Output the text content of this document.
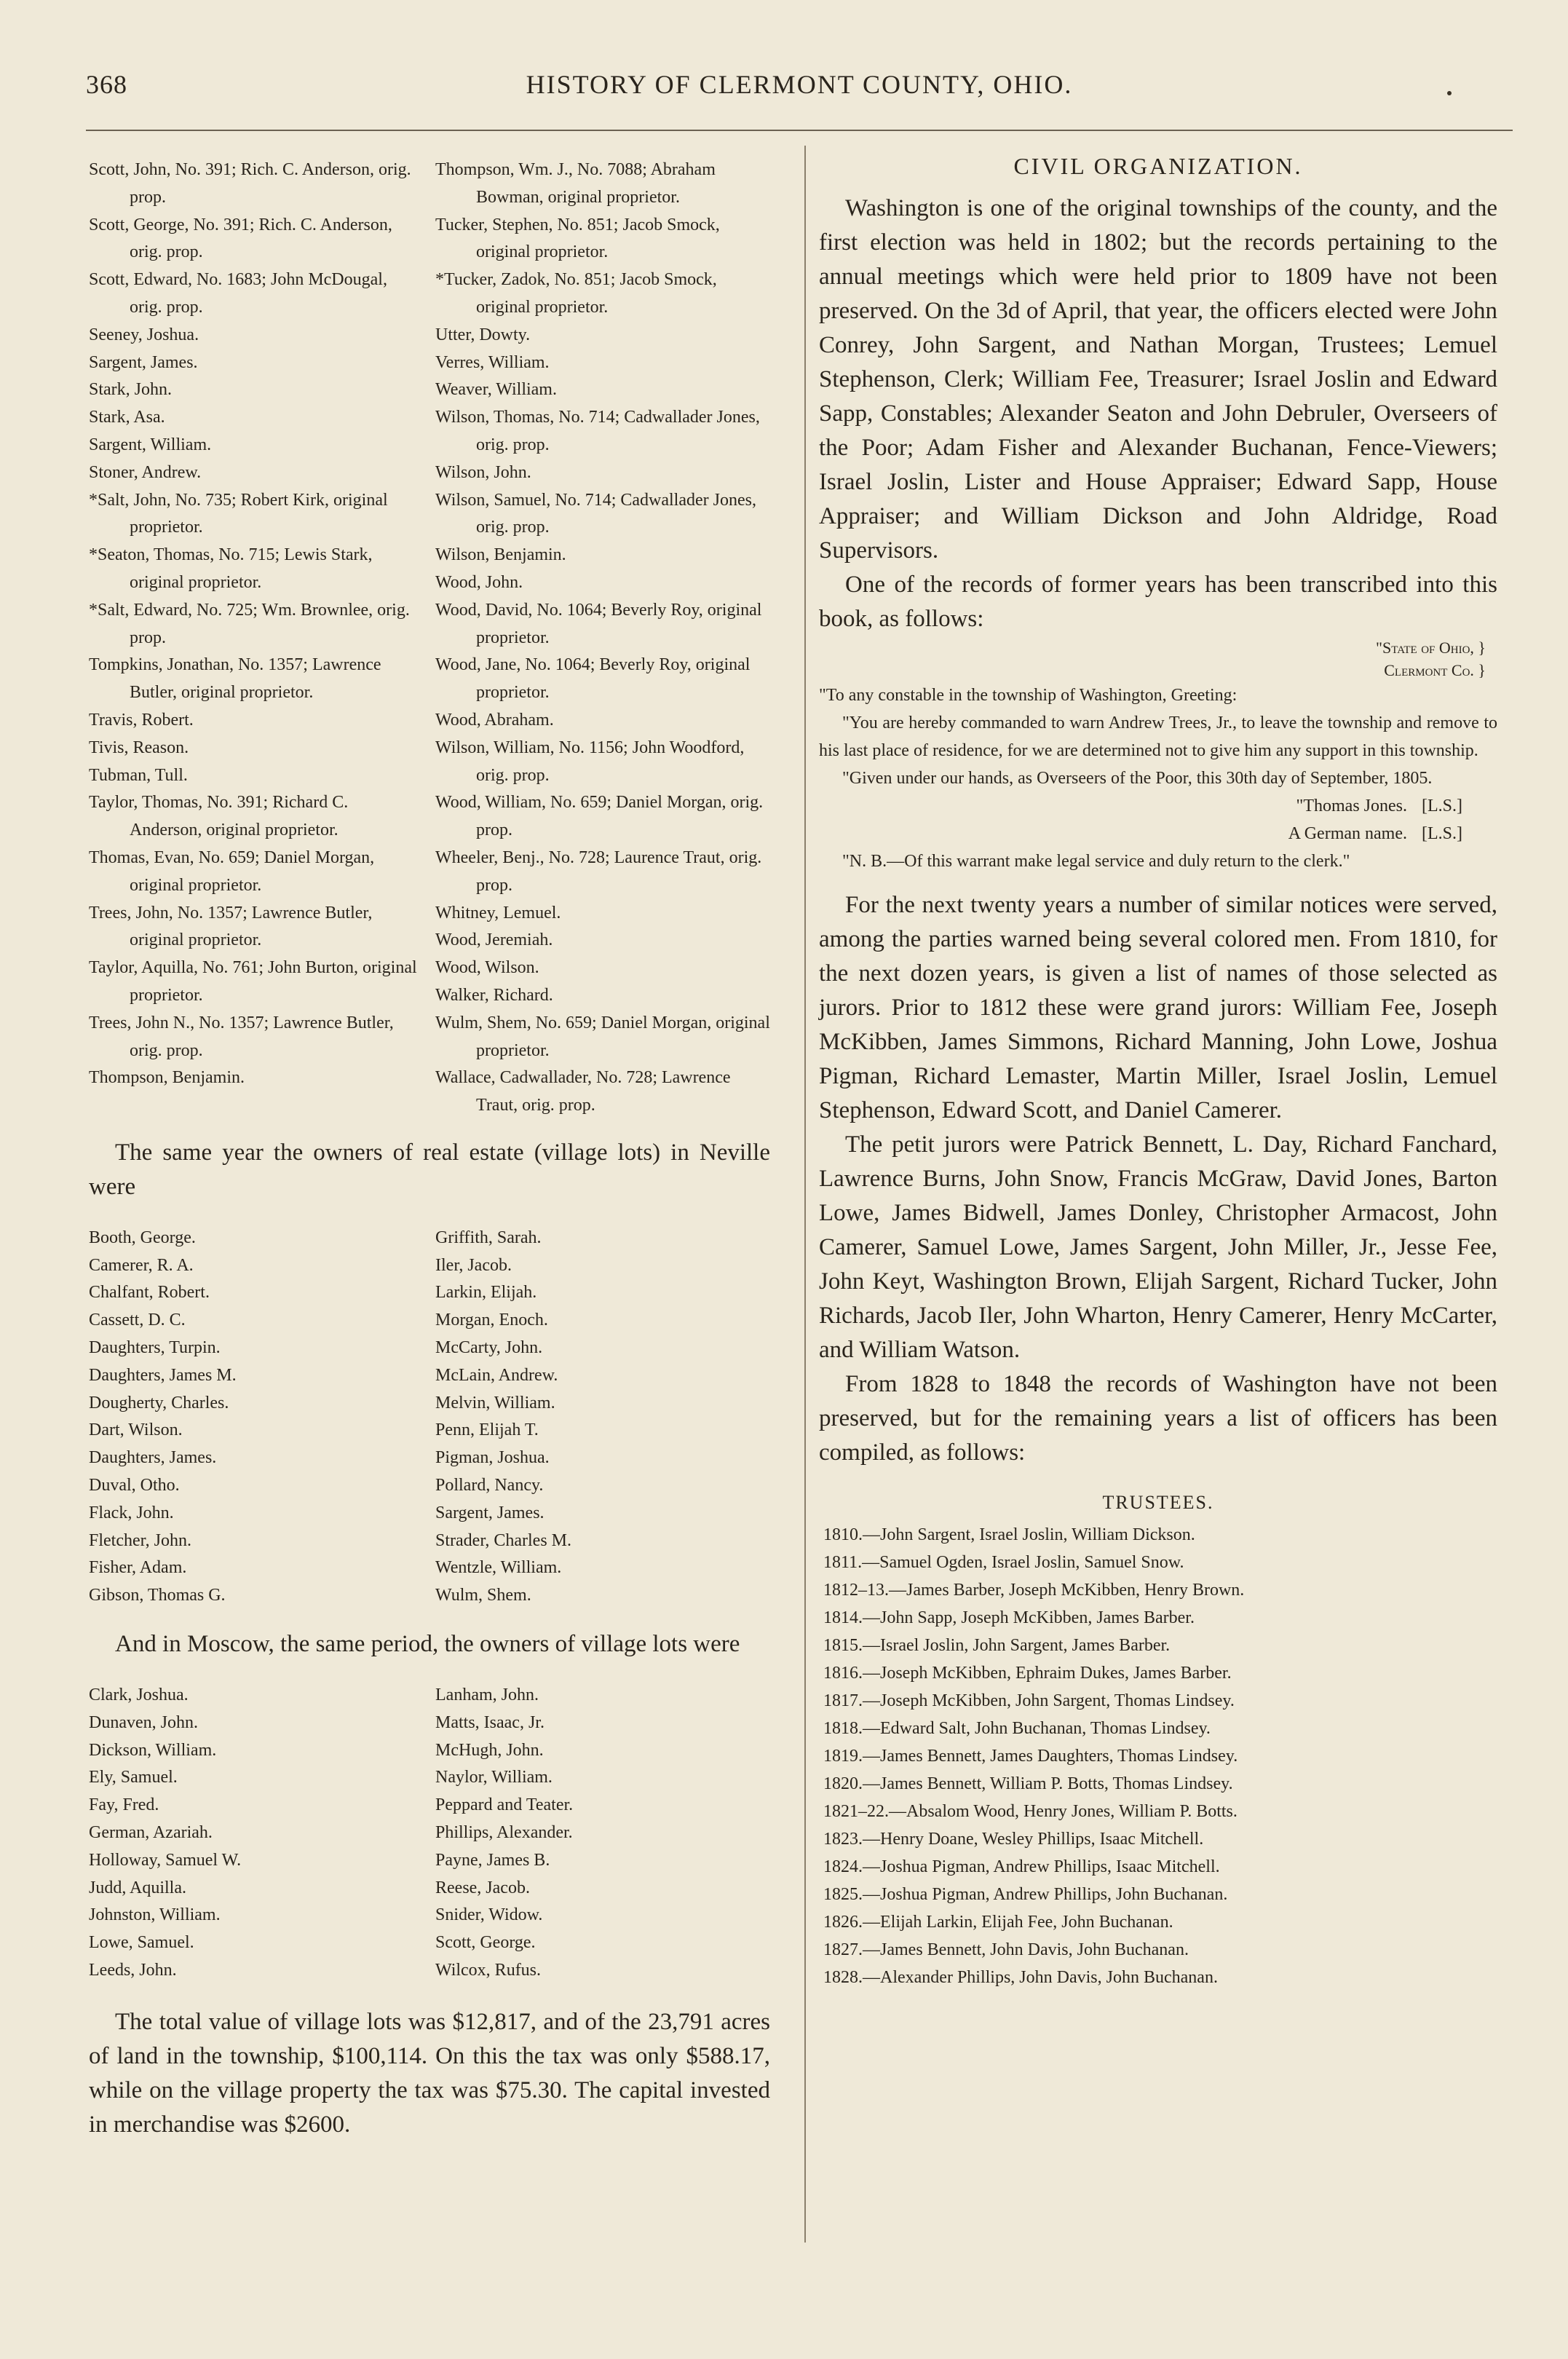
HISTORY OF CLERMONT COUNTY, OHIO.
368
Scott, John, No. 391; Rich. C. Anderson, orig. prop.
Scott, George, No. 391; Rich. C. Anderson, orig. prop.
Scott, Edward, No. 1683; John McDougal, orig. prop.
Seeney, Joshua.
Sargent, James.
Stark, John.
Stark, Asa.
Sargent, William.
Stoner, Andrew.
*Salt, John, No. 735; Robert Kirk, original proprietor.
*Seaton, Thomas, No. 715; Lewis Stark, original proprietor.
*Salt, Edward, No. 725; Wm. Brownlee, orig. prop.
Tompkins, Jonathan, No. 1357; Lawrence Butler, original proprietor.
Travis, Robert.
Tivis, Reason.
Tubman, Tull.
Taylor, Thomas, No. 391; Richard C. Anderson, original proprietor.
Thomas, Evan, No. 659; Daniel Morgan, original proprietor.
Trees, John, No. 1357; Lawrence Butler, original proprietor.
Taylor, Aquilla, No. 761; John Burton, original proprietor.
Trees, John N., No. 1357; Lawrence Butler, orig. prop.
Thompson, Benjamin.
Thompson, Wm. J., No. 7088; Abraham Bowman, original proprietor.
Tucker, Stephen, No. 851; Jacob Smock, original proprietor.
*Tucker, Zadok, No. 851; Jacob Smock, original proprietor.
Utter, Dowty.
Verres, William.
Weaver, William.
Wilson, Thomas, No. 714; Cadwallader Jones, orig. prop.
Wilson, John.
Wilson, Samuel, No. 714; Cadwallader Jones, orig. prop.
Wilson, Benjamin.
Wood, John.
Wood, David, No. 1064; Beverly Roy, original proprietor.
Wood, Jane, No. 1064; Beverly Roy, original proprietor.
Wood, Abraham.
Wilson, William, No. 1156; John Woodford, orig. prop.
Wood, William, No. 659; Daniel Morgan, orig. prop.
Wheeler, Benj., No. 728; Laurence Traut, orig. prop.
Whitney, Lemuel.
Wood, Jeremiah.
Wood, Wilson.
Walker, Richard.
Wulm, Shem, No. 659; Daniel Morgan, original proprietor.
Wallace, Cadwallader, No. 728; Lawrence Traut, orig. prop.

The same year the owners of real estate (village lots) in Neville were

Booth, George.
Camerer, R. A.
Chalfant, Robert.
Cassett, D. C.
Daughters, Turpin.
Daughters, James M.
Dougherty, Charles.
Dart, Wilson.
Daughters, James.
Duval, Otho.
Flack, John.
Fletcher, John.
Fisher, Adam.
Gibson, Thomas G.
Griffith, Sarah.
Iler, Jacob.
Larkin, Elijah.
Morgan, Enoch.
McCarty, John.
McLain, Andrew.
Melvin, William.
Penn, Elijah T.
Pigman, Joshua.
Pollard, Nancy.
Sargent, James.
Strader, Charles M.
Wentzle, William.
Wulm, Shem.

And in Moscow, the same period, the owners of village lots were

Clark, Joshua.
Dunaven, John.
Dickson, William.
Ely, Samuel.
Fay, Fred.
German, Azariah.
Holloway, Samuel W.
Judd, Aquilla.
Johnston, William.
Lowe, Samuel.
Leeds, John.
Lanham, John.
Matts, Isaac, Jr.
McHugh, John.
Naylor, William.
Peppard and Teater.
Phillips, Alexander.
Payne, James B.
Reese, Jacob.
Snider, Widow.
Scott, George.
Wilcox, Rufus.

The total value of village lots was $12,817, and of the 23,791 acres of land in the township, $100,114. On this the tax was only $588.17, while on the village property the tax was $75.30. The capital invested in merchandise was $2600.

CIVIL ORGANIZATION.

Washington is one of the original townships of the county, and the first election was held in 1802; but the records pertaining to the annual meetings which were held prior to 1809 have not been preserved. On the 3d of April, that year, the officers elected were John Conrey, John Sargent, and Nathan Morgan, Trustees; Lemuel Stephenson, Clerk; William Fee, Treasurer; Israel Joslin and Edward Sapp, Constables; Alexander Seaton and John Debruler, Overseers of the Poor; Adam Fisher and Alexander Buchanan, Fence-Viewers; Israel Joslin, Lister and House Appraiser; Edward Sapp, House Appraiser; and William Dickson and John Aldridge, Road Supervisors.

One of the records of former years has been transcribed into this book, as follows:

"State of Ohio, }
Clermont Co. }

"To any constable in the township of Washington, Greeting:

"You are hereby commanded to warn Andrew Trees, Jr., to leave the township and remove to his last place of residence, for we are determined not to give him any support in this township.

"Given under our hands, as Overseers of the Poor, this 30th day of September, 1805.

"Thomas Jones. [L.S.]
A German name. [L.S.]

"N. B.—Of this warrant make legal service and duly return to the clerk."

For the next twenty years a number of similar notices were served, among the parties warned being several colored men. From 1810, for the next dozen years, is given a list of names of those selected as jurors. Prior to 1812 these were grand jurors: William Fee, Joseph McKibben, James Simmons, Richard Manning, John Lowe, Joshua Pigman, Richard Lemaster, Martin Miller, Israel Joslin, Lemuel Stephenson, Edward Scott, and Daniel Camerer.

The petit jurors were Patrick Bennett, L. Day, Richard Fanchard, Lawrence Burns, John Snow, Francis McGraw, David Jones, Barton Lowe, James Bidwell, James Donley, Christopher Armacost, John Camerer, Samuel Lowe, James Sargent, John Miller, Jr., Jesse Fee, John Keyt, Washington Brown, Elijah Sargent, Richard Tucker, John Richards, Jacob Iler, John Wharton, Henry Camerer, Henry McCarter, and William Watson.

From 1828 to 1848 the records of Washington have not been preserved, but for the remaining years a list of officers has been compiled, as follows:

TRUSTEES.
1810.—John Sargent, Israel Joslin, William Dickson.
1811.—Samuel Ogden, Israel Joslin, Samuel Snow.
1812–13.—James Barber, Joseph McKibben, Henry Brown.
1814.—John Sapp, Joseph McKibben, James Barber.
1815.—Israel Joslin, John Sargent, James Barber.
1816.—Joseph McKibben, Ephraim Dukes, James Barber.
1817.—Joseph McKibben, John Sargent, Thomas Lindsey.
1818.—Edward Salt, John Buchanan, Thomas Lindsey.
1819.—James Bennett, James Daughters, Thomas Lindsey.
1820.—James Bennett, William P. Botts, Thomas Lindsey.
1821–22.—Absalom Wood, Henry Jones, William P. Botts.
1823.—Henry Doane, Wesley Phillips, Isaac Mitchell.
1824.—Joshua Pigman, Andrew Phillips, Isaac Mitchell.
1825.—Joshua Pigman, Andrew Phillips, John Buchanan.
1826.—Elijah Larkin, Elijah Fee, John Buchanan.
1827.—James Bennett, John Davis, John Buchanan.
1828.—Alexander Phillips, John Davis, John Buchanan.
